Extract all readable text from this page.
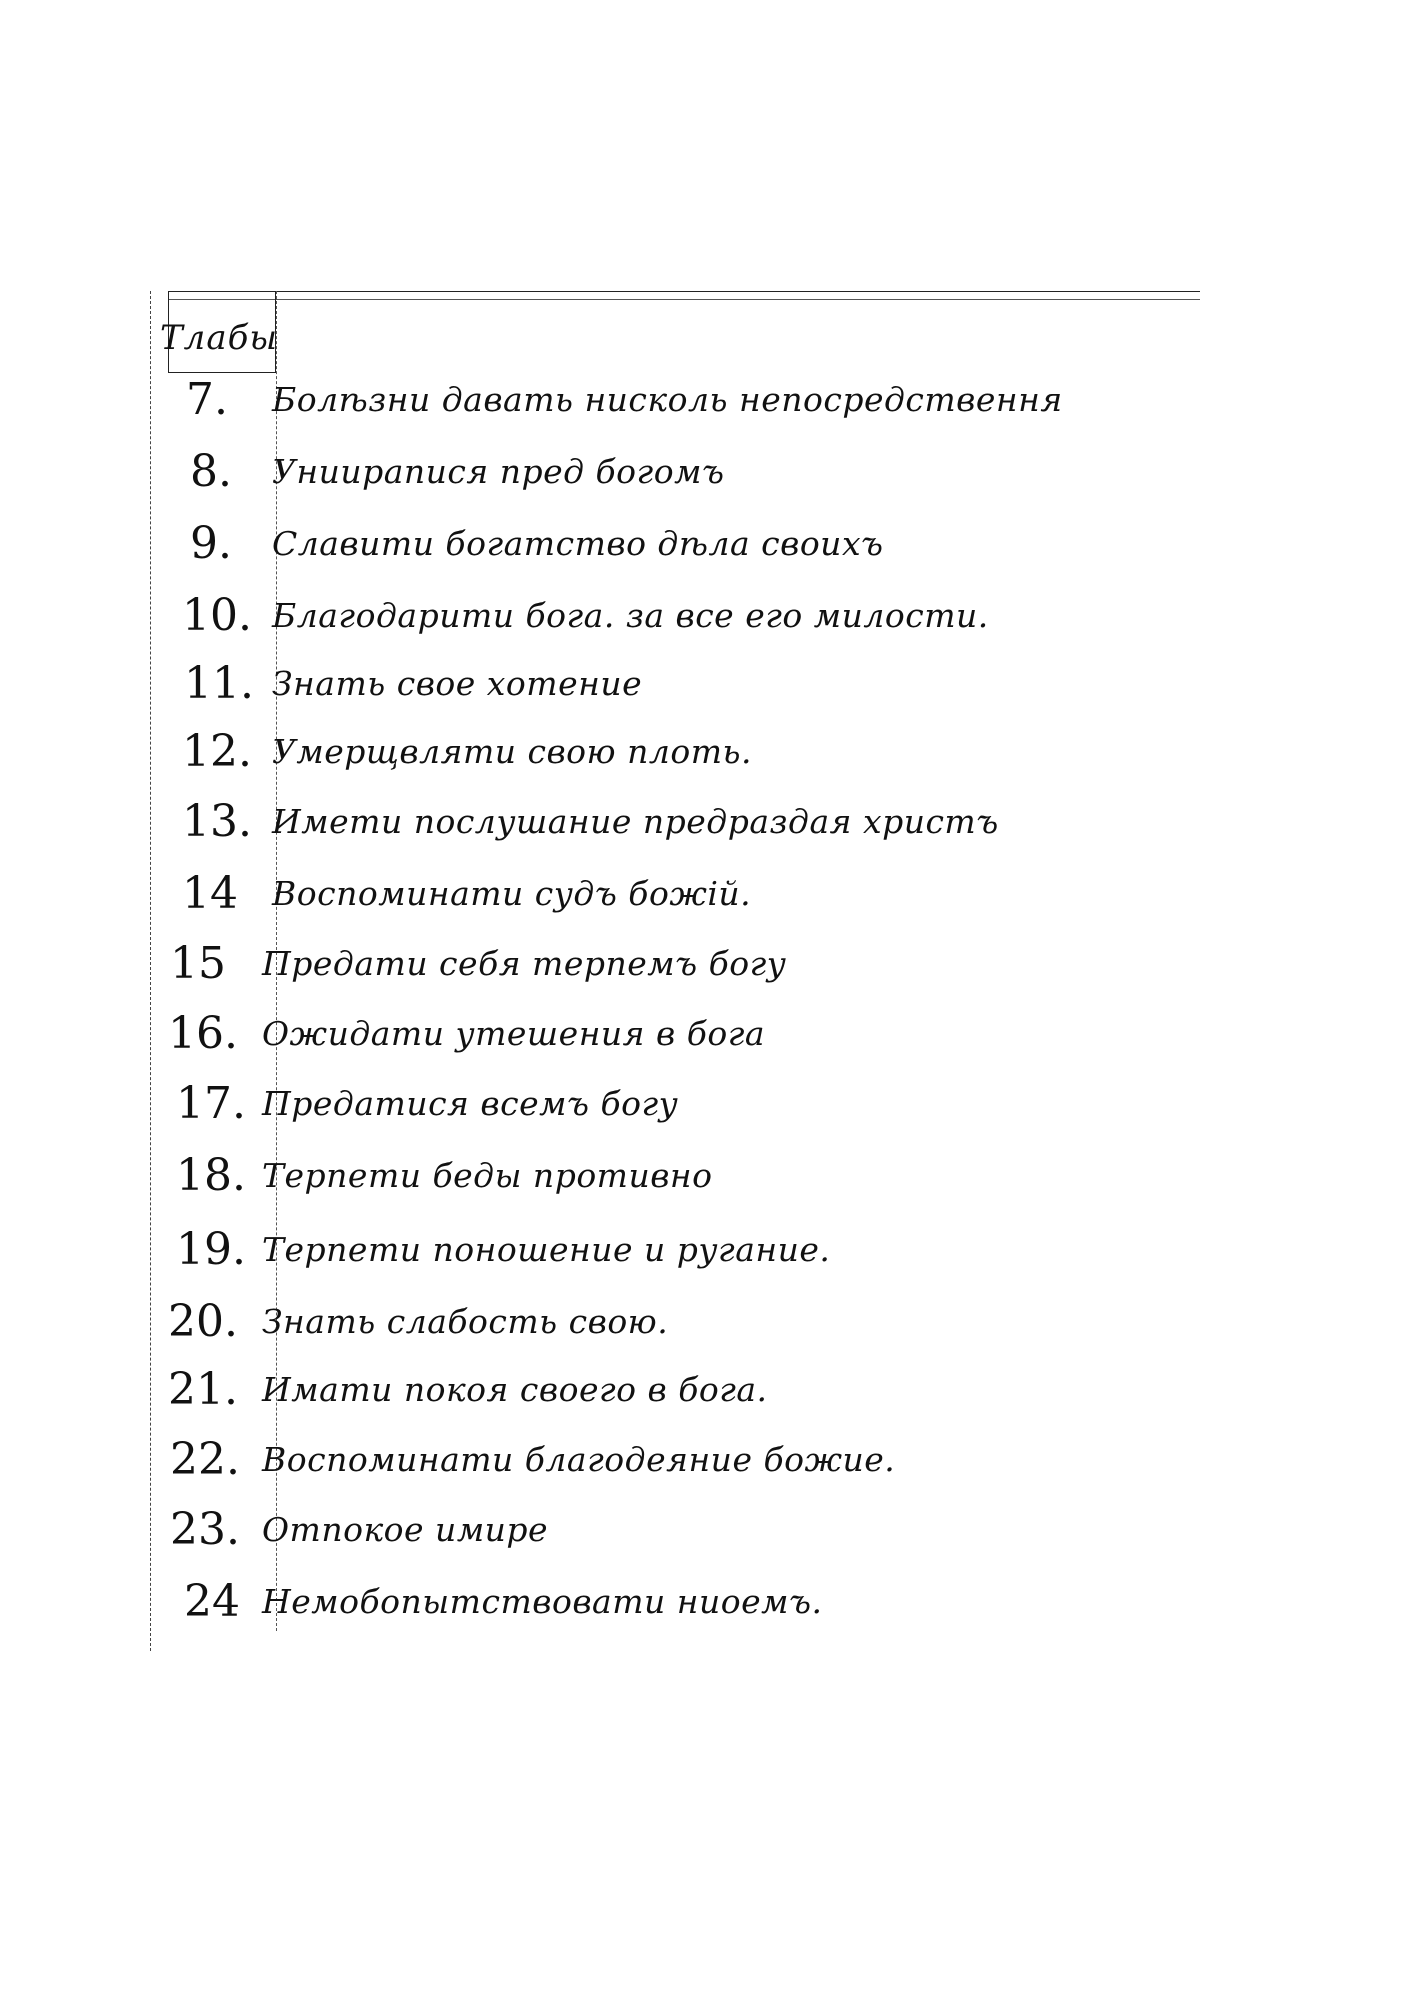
Тлабы
7.	Болѣзни давать нисколь непосредствення
8.	Униирапися пред богомъ
9.	Славити богатство дѣла своихъ
10. Благодарити бога. за все его милости.
11. Знать свое хотение
12. Умерщвляти свою плоть.
13. Имети послушание предраздая христъ
14	Воспоминати судъ божiй.
15	Предати себя терпемъ богу
16. Ожидати утешения в бога
17. Предатися всемъ богу
18. Терпети беды противно
19. Терпети поношение и ругание.
20. Знать слабость свою.
21. Имати покоя своего в бога.
22. Воспоминати благодеяние божие.
23. Отпокое имире
24 Немобопытствовати ниоемъ.
